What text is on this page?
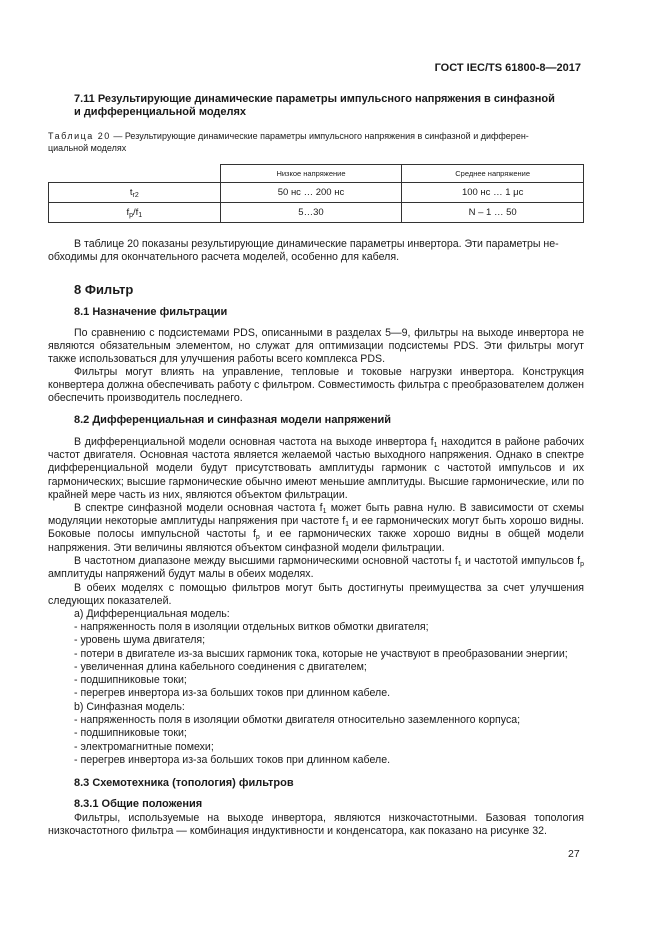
ГОСТ IEC/TS 61800-8—2017
7.11 Результирующие динамические параметры импульсного напряжения в синфазной
и дифференциальной моделях
Таблица 20 — Результирующие динамические параметры импульсного напряжения в синфазной и дифферен-
циальной моделях
	Низкое напряжение	Среднее напряжение
$t_{r2}$	50 нс … 200 нс	100 нс … 1 μс
$f_p/f_1$	5…30	N – 1 … 50
В таблице 20 показаны результирующие динамические параметры инвертора. Эти параметры не-
обходимы для окончательного расчета моделей, особенно для кабеля.
8 Фильтр
8.1 Назначение фильтрации
По сравнению с подсистемами PDS, описанными в разделах 5—9, фильтры на выходе инвертора не являются обязательным элементом, но служат для оптимизации подсистемы PDS. Эти фильтры могут также использоваться для улучшения работы всего комплекса PDS.
Фильтры могут влиять на управление, тепловые и токовые нагрузки инвертора. Конструкция конвертера должна обеспечивать работу с фильтром. Совместимость фильтра с преобразователем должен обеспечить производитель последнего.
8.2 Дифференциальная и синфазная модели напряжений
В дифференциальной модели основная частота на выходе инвертора $f_1$ находится в районе рабочих частот двигателя. Основная частота является желаемой частью выходного напряжения. Однако в спектре дифференциальной модели будут присутствовать амплитуды гармоник с частотой импульсов и их гармонических; высшие гармонические обычно имеют меньшие амплитуды. Высшие гармонические, или по крайней мере часть из них, являются объектом фильтрации.
В спектре синфазной модели основная частота $f_1$ может быть равна нулю. В зависимости от схемы модуляции некоторые амплитуды напряжения при частоте $f_1$ и ее гармонических могут быть хорошо видны. Боковые полосы импульсной частоты $f_p$ и ее гармонических также хорошо видны в общей модели напряжения. Эти величины являются объектом синфазной модели фильтрации.
В частотном диапазоне между высшими гармоническими основной частоты $f_1$ и частотой импульсов $f_p$ амплитуды напряжений будут малы в обеих моделях.
В обеих моделях с помощью фильтров могут быть достигнуты преимущества за счет улучшения следующих показателей.
а) Дифференциальная модель:
- напряженность поля в изоляции отдельных витков обмотки двигателя;
- уровень шума двигателя;
- потери в двигателе из-за высших гармоник тока, которые не участвуют в преобразовании энергии;
- увеличенная длина кабельного соединения с двигателем;
- подшипниковые токи;
- перегрев инвертора из-за больших токов при длинном кабеле.
b) Синфазная модель:
- напряженность поля в изоляции обмотки двигателя относительно заземленного корпуса;
- подшипниковые токи;
- электромагнитные помехи;
- перегрев инвертора из-за больших токов при длинном кабеле.
8.3 Схемотехника (топология) фильтров
8.3.1 Общие положения
Фильтры, используемые на выходе инвертора, являются низкочастотными. Базовая топология низкочастотного фильтра — комбинация индуктивности и конденсатора, как показано на рисунке 32.
27
